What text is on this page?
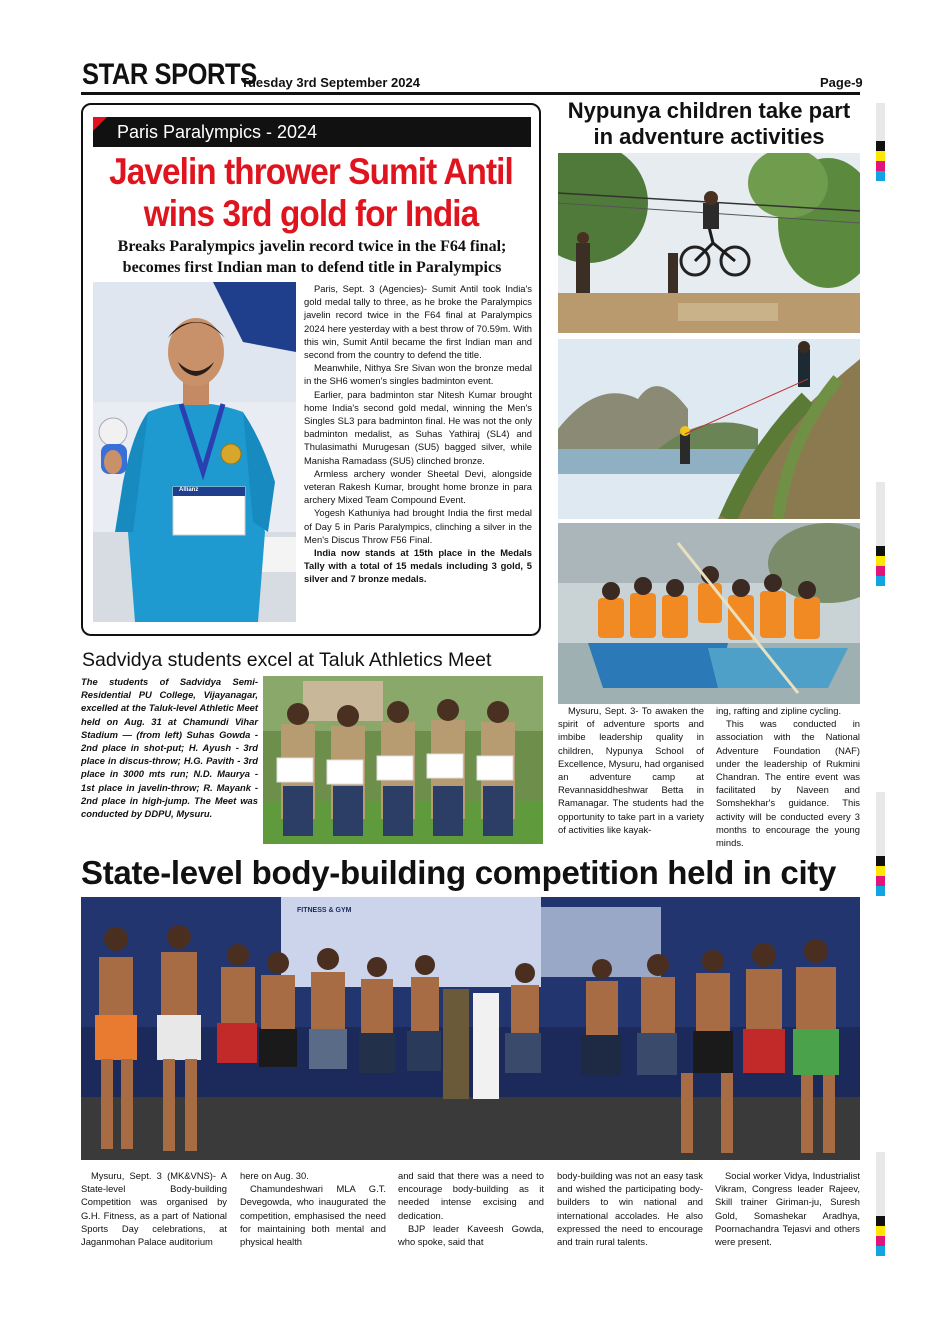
STAR SPORTS
Tuesday 3rd September 2024	Page-9
Paris Paralympics - 2024
Javelin thrower Sumit Antil
wins 3rd gold for India
Breaks Paralympics javelin record twice in the F64 final;
becomes first Indian man to defend title in Paralympics
CHAMPIONS
PAR
Allianz

Paris, Sept. 3 (Agencies)- Sumit Antil took India's gold medal tally to three, as he broke the Paralympics javelin record twice in the F64 final at Paralympics 2024 here yesterday with a best throw of 70.59m. With this win, Sumit Antil became the first Indian man and second from the country to defend the title.

Meanwhile, Nithya Sre Sivan won the bronze medal in the SH6 women's singles badminton event.

Earlier, para badminton star Nitesh Kumar brought home India's second gold medal, winning the Men's Singles SL3 para badminton final. He was not the only badminton medalist, as Suhas Yathiraj (SL4) and Thulasimathi Murugesan (SU5) bagged silver, while Manisha Ramadass (SU5) clinched bronze.

Armless archery wonder Sheetal Devi, alongside veteran Rakesh Kumar, brought home bronze in para archery Mixed Team Compound Event.

Yogesh Kathuniya had brought India the first medal of Day 5 in Paris Paralympics, clinching a silver in the Men's Discus Throw F56 Final.

India now stands at 15th place in the Medals Tally with a total of 15 medals including 3 gold, 5 silver and 7 bronze medals.

Nypunya children take part
in adventure activities

Mysuru, Sept. 3- To awaken the spirit of adventure sports and imbibe leadership quality in children, Nypunya School of Excellence, Mysuru, had organised an adventure camp at Revannasiddheshwar Betta in Ramanagar. The students had the opportunity to take part in a variety of activities like kayak-

ing, rafting and zipline cycling.

This was conducted in association with the National Adventure Foundation (NAF) under the leadership of Rukmini Chandran. The entire event was facilitated by Naveen and Somshekhar's guidance. This activity will be conducted every 3 months to encourage the young minds.

Sadvidya students excel at Taluk Athletics Meet
The students of Sadvidya Semi-Residential PU College, Vijayanagar, excelled at the Taluk-level Athletic Meet held on Aug. 31 at Chamundi Vihar Stadium — (from left) Suhas Gowda - 2nd place in shot-put; H. Ayush - 3rd place in discus-throw; H.G. Pavith - 3rd place in 3000 mts run; N.D. Maurya - 1st place in javelin-throw; R. Mayank - 2nd place in high-jump. The Meet was conducted by DDPU, Mysuru.
State-level body-building competition held in city
FITNESS & GYM

Mysuru, Sept. 3 (MK&VNS)- A State-level Body-building Competition was organised by G.H. Fitness, as a part of National Sports Day celebrations, at Jaganmohan Palace auditorium

here on Aug. 30.

Chamundeshwari MLA G.T. Devegowda, who inaugurated the competition, emphasised the need for maintaining both mental and physical health

and said that there was a need to encourage body-building as it needed intense excising and dedication.

BJP leader Kaveesh Gowda, who spoke, said that

body-building was not an easy task and wished the participating body-builders to win national and international accolades. He also expressed the need to encourage and train rural talents.

Social worker Vidya, Industrialist Vikram, Congress leader Rajeev, Skill trainer Giriman-ju, Suresh Gold, Somashekar Aradhya, Poornachandra Tejasvi and others were present.
